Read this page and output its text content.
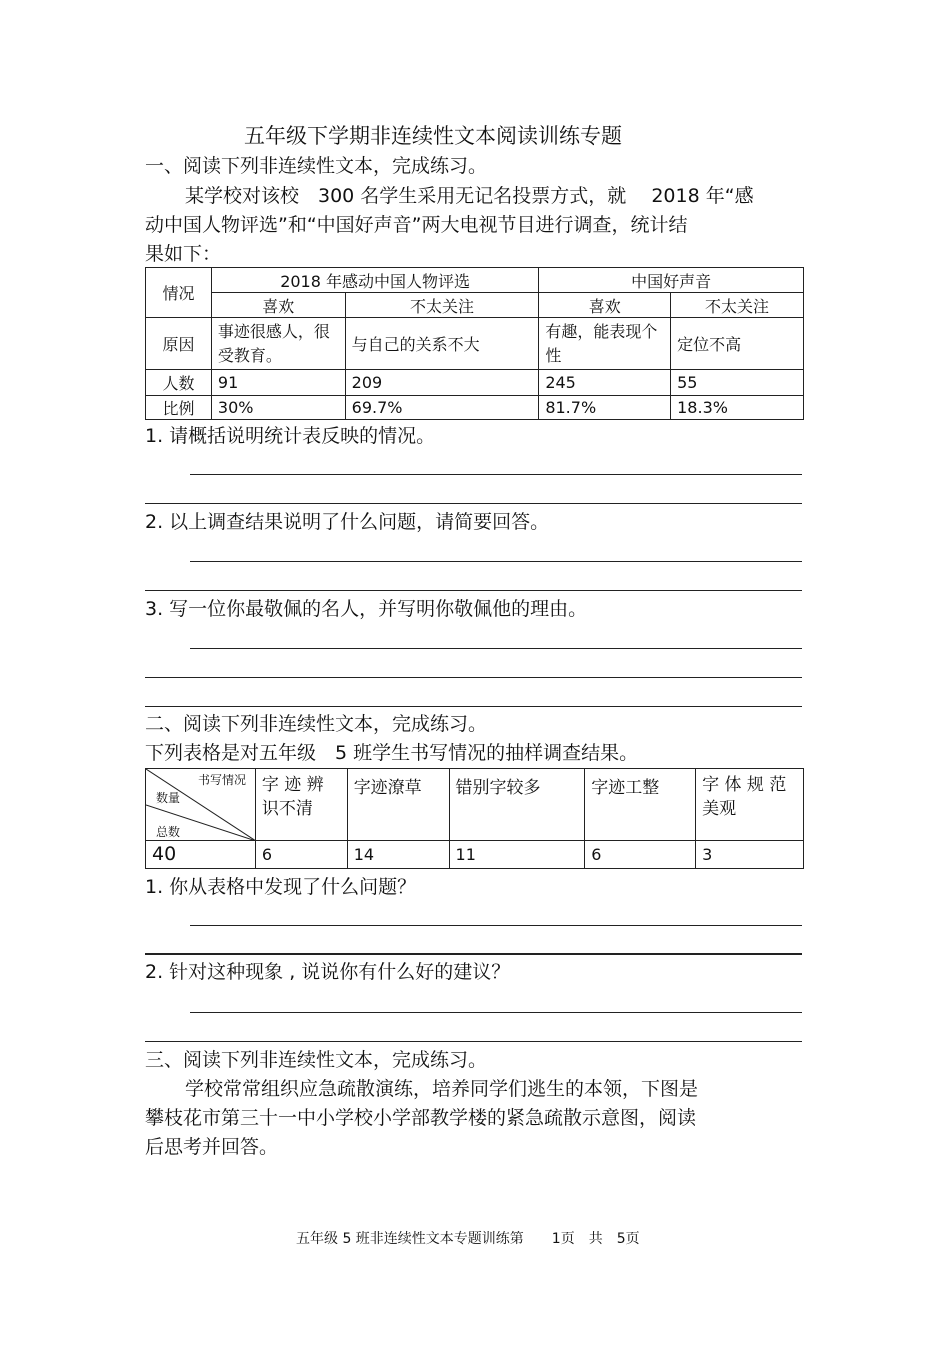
五年级下学期非连续性文本阅读训练专题
一、阅读下列非连续性文本，完成练习。
某学校对该校　300 名学生采用无记名投票方式，就　 2018 年“感
动中国人物评选”和“中国好声音”两大电视节目进行调查，统计结
果如下：
情况	2018 年感动中国人物评选		中国好声音	
	喜欢	不太关注	喜欢	不太关注
原因	事迹很感人，很受教育。	与自己的关系不大	有趣，能表现个性	定位不高
人数	91	209	245	55
比例	30%	69.7%	81.7%	18.3%
1. 请概括说明统计表反映的情况。
2. 以上调查结果说明了什么问题，请简要回答。
3. 写一位你最敬佩的名人，并写明你敬佩他的理由。
二、阅读下列非连续性文本，完成练习。
下列表格是对五年级　5 班学生书写情况的抽样调查结果。
书写情况
数量
总数	字 迹 辨 识不清	字迹潦草	错别字较多	字迹工整	字 体 规 范 美观
40	6	14	11	6	3
1. 你从表格中发现了什么问题？
2. 针对这种现象 , 说说你有什么好的建议？
三、阅读下列非连续性文本，完成练习。
学校常常组织应急疏散演练，培养同学们逃生的本领，下图是
攀枝花市第三十一中小学校小学部教学楼的紧急疏散示意图，阅读
后思考并回答。
五年级 5 班非连续性文本专题训练第　　1页　共　5页
